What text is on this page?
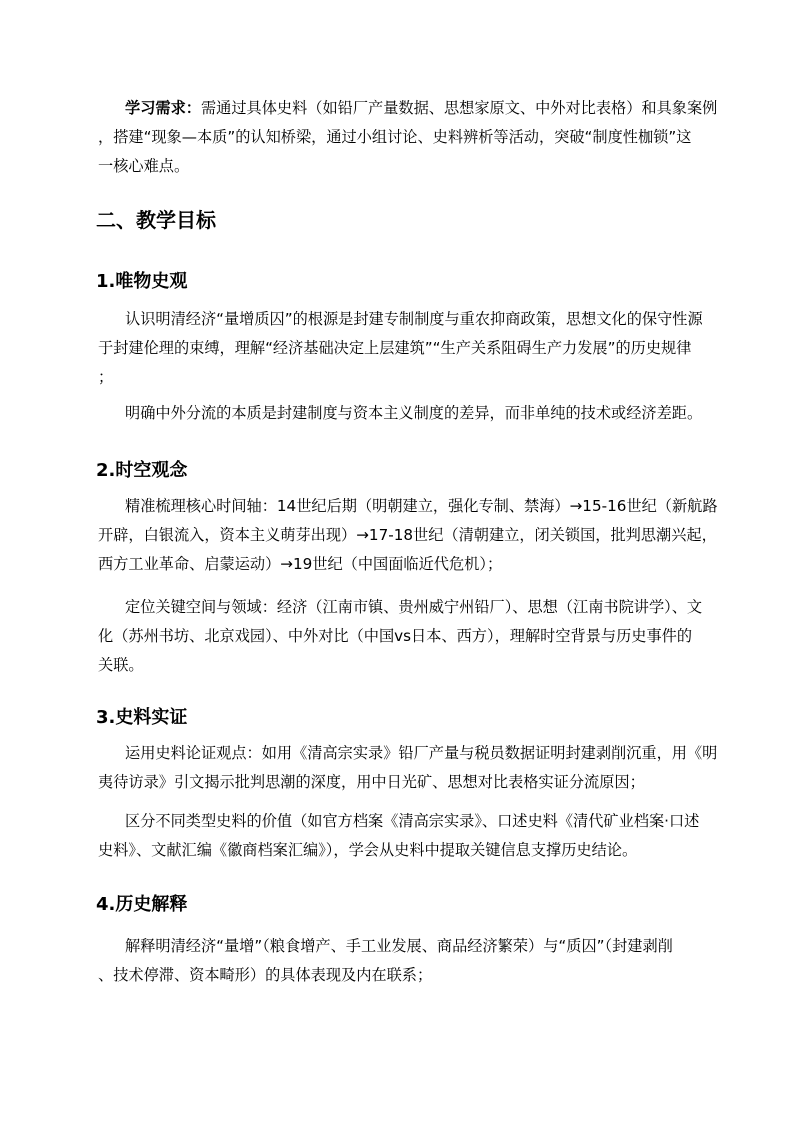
学习需求：需通过具体史料（如铅厂产量数据、思想家原文、中外对比表格）和具象案例
，搭建“现象—本质”的认知桥梁，通过小组讨论、史料辨析等活动，突破“制度性枷锁”这
一核心难点。

二、教学目标
1.唯物史观

认识明清经济“量增质囚”的根源是封建专制制度与重农抑商政策，思想文化的保守性源
于封建伦理的束缚，理解“经济基础决定上层建筑”“生产关系阻碍生产力发展”的历史规律
；

明确中外分流的本质是封建制度与资本主义制度的差异，而非单纯的技术或经济差距。

2.时空观念

精准梳理核心时间轴：14世纪后期（明朝建立，强化专制、禁海）→15-16世纪（新航路
开辟，白银流入，资本主义萌芽出现）→17-18世纪（清朝建立，闭关锁国，批判思潮兴起，
西方工业革命、启蒙运动）→19世纪（中国面临近代危机）；

定位关键空间与领域：经济（江南市镇、贵州威宁州铅厂）、思想（江南书院讲学）、文
化（苏州书坊、北京戏园）、中外对比（中国vs日本、西方），理解时空背景与历史事件的
关联。

3.史料实证

运用史料论证观点：如用《清高宗实录》铅厂产量与税员数据证明封建剥削沉重，用《明
夷待访录》引文揭示批判思潮的深度，用中日光矿、思想对比表格实证分流原因；

区分不同类型史料的价值（如官方档案《清高宗实录》、口述史料《清代矿业档案·口述
史料》、文献汇编《徽商档案汇编》），学会从史料中提取关键信息支撑历史结论。

4.历史解释

解释明清经济“量增”（粮食增产、手工业发展、商品经济繁荣）与“质囚”（封建剥削
、技术停滞、资本畸形）的具体表现及内在联系；
